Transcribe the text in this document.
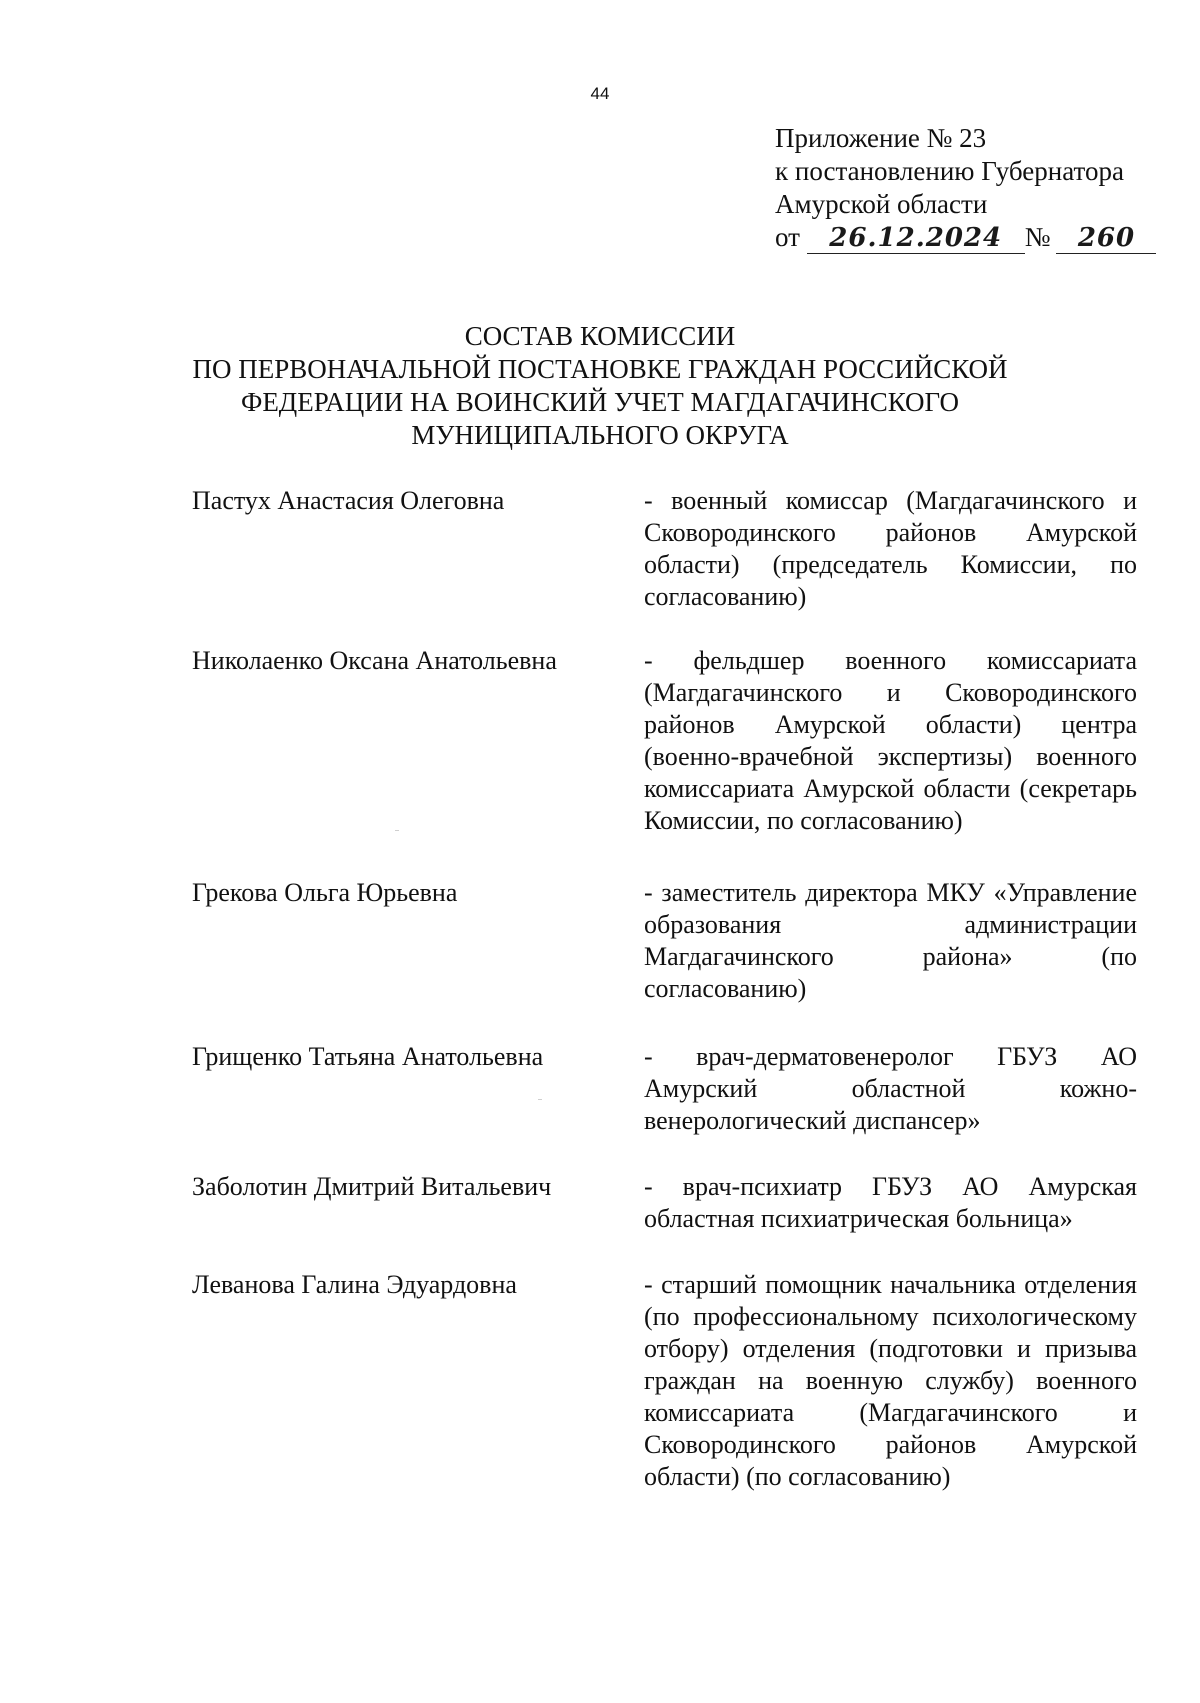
44
Приложение № 23
к постановлению Губернатора
Амурской области
от 26.12.2024 № 260
СОСТАВ КОМИССИИ
ПО ПЕРВОНАЧАЛЬНОЙ ПОСТАНОВКЕ ГРАЖДАН РОССИЙСКОЙ
ФЕДЕРАЦИИ НА ВОИНСКИЙ УЧЕТ МАГДАГАЧИНСКОГО
МУНИЦИПАЛЬНОГО ОКРУГА
Пастух Анастасия Олеговна	- военный комиссар (Магдагачинского и Сковородинского районов Амурской области) (председатель Комиссии, по согласованию)
Николаенко Оксана Анатольевна	- фельдшер военного комиссариата (Магдагачинского и Сковородинского районов Амурской области) центра (военно-врачебной экспертизы) военного комиссариата Амурской области (секретарь Комиссии, по согласованию)
Грекова Ольга Юрьевна	- заместитель директора МКУ «Управление образования администрации Магдагачинского района» (по согласованию)
Грищенко Татьяна Анатольевна	- врач-дерматовенеролог ГБУЗ АО Амурский областной кожно-венерологический диспансер»
Заболотин Дмитрий Витальевич	- врач-психиатр ГБУЗ АО Амурская областная психиатрическая больница»
Леванова Галина Эдуардовна	- старший помощник начальника отделения (по профессиональному психологическому отбору) отделения (подготовки и призыва граждан на военную службу) военного комиссариата (Магдагачинского и Сковородинского районов Амурской области) (по согласованию)
